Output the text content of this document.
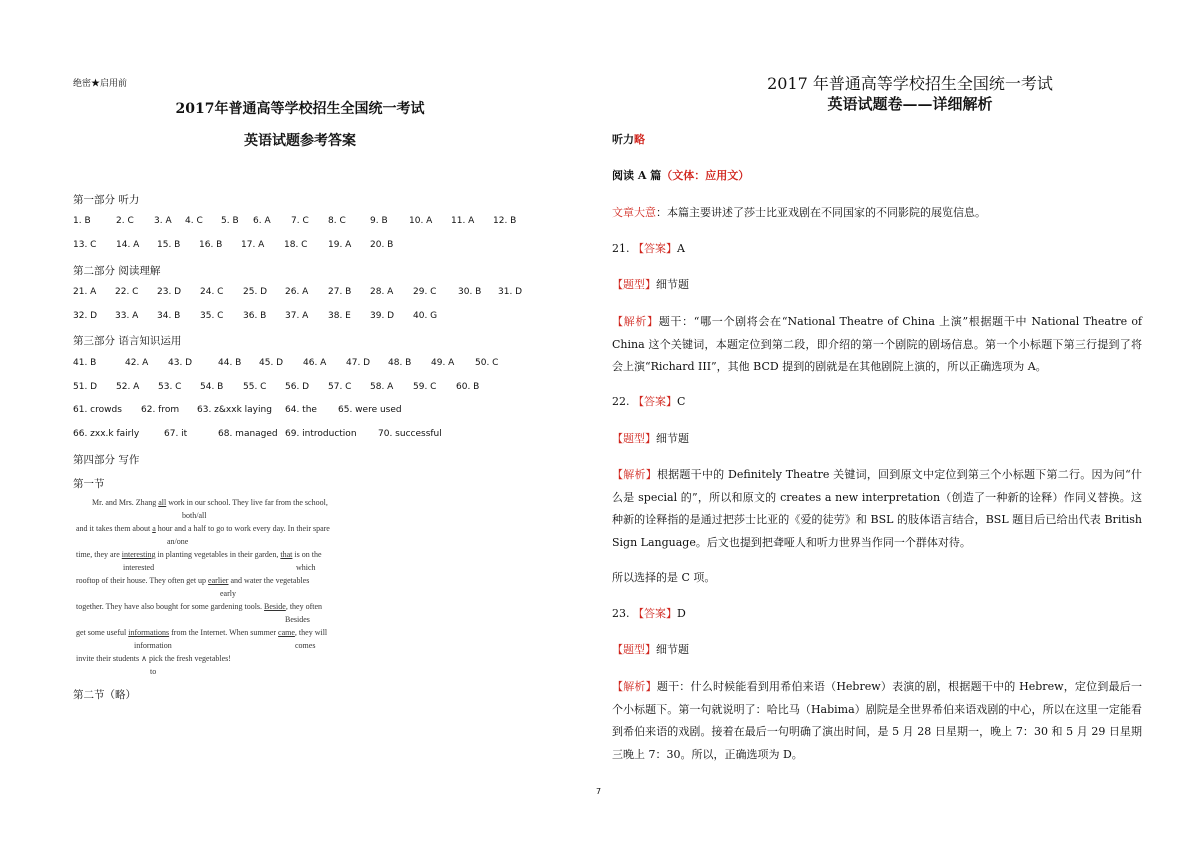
绝密★启用前
2017年普通高等学校招生全国统一考试
英语试题参考答案
第一部分 听力
1. B	2. C 3. A 4. C 5. B 6. A 7. C 8. C	9. B 10. A 11. A 12. B
13. C 14. A 15. B 16. B 17. A 18. C 19. A 20. B
第二部分 阅读理解
21. A 22. C 23. D 24. C 25. D 26. A 27. B 28. A 29. C 30. B 31. D
32. D 33. A 34. B 35. C 36. B 37. A 38. E 39. D 40. G
第三部分 语言知识运用
41. B	42. A 43. D	44. B 45. D 46. A 47. D 48. B 49. A 50. C
51. D 52. A 53. C 54. B 55. C 56. D 57. C 58. A 59. C 60. B
61. crowds 62. from 63. z&xxk laying 64. the 65. were used
66. zxx.k fairly	67. it	68. managed 69. introduction 70. successful
第四部分 写作
第一节
Mr. and Mrs. Zhang all work in our school. They live far from the school,
both/all
and it takes them about a hour and a half to go to work every day. In their spare
an/one
time, they are interesting in planting vegetables in their garden, that is on the
interested	which
rooftop of their house. They often get up earlier and water the vegetables
early
together. They have also bought for some gardening tools. Beside, they often
Besides
get some useful informations from the Internet. When summer came, they will
information	comes
invite their students ∧ pick the fresh vegetables!
to
第二节（略）
7
2017 年普通高等学校招生全国统一考试
英语试题卷——详细解析
听力略
阅读 A 篇（文体：应用文）
文章大意：本篇主要讲述了莎士比亚戏剧在不同国家的不同影院的展览信息。
21. 【答案】A
【题型】细节题
【解析】题干：“哪一个剧将会在“National Theatre of China 上演”根据题干中 National Theatre of China 这个关键词，本题定位到第二段，即介绍的第一个剧院的剧场信息。第一个小标题下第三行提到了将会上演“Richard III”，其他 BCD 提到的剧就是在其他剧院上演的，所以正确选项为 A。
22. 【答案】C
【题型】细节题
【解析】根据题干中的 Definitely Theatre 关键词，回到原文中定位到第三个小标题下第二行。因为问“什么是 special 的”，所以和原文的 creates a new interpretation（创造了一种新的诠释）作同义替换。这种新的诠释指的是通过把莎士比亚的《爱的徒劳》和 BSL 的肢体语言结合，BSL 题目后已给出代表 British Sign Language。后文也提到把聋哑人和听力世界当作同一个群体对待。
所以选择的是 C 项。
23. 【答案】D
【题型】细节题
【解析】题干：什么时候能看到用希伯来语（Hebrew）表演的剧，根据题干中的 Hebrew，定位到最后一个小标题下。第一句就说明了：哈比马（Habima）剧院是全世界希伯来语戏剧的中心，所以在这里一定能看到希伯来语的戏剧。接着在最后一句明确了演出时间，是 5 月 28 日星期一，晚上 7：30 和 5 月 29 日星期三晚上 7：30。所以，正确选项为 D。
